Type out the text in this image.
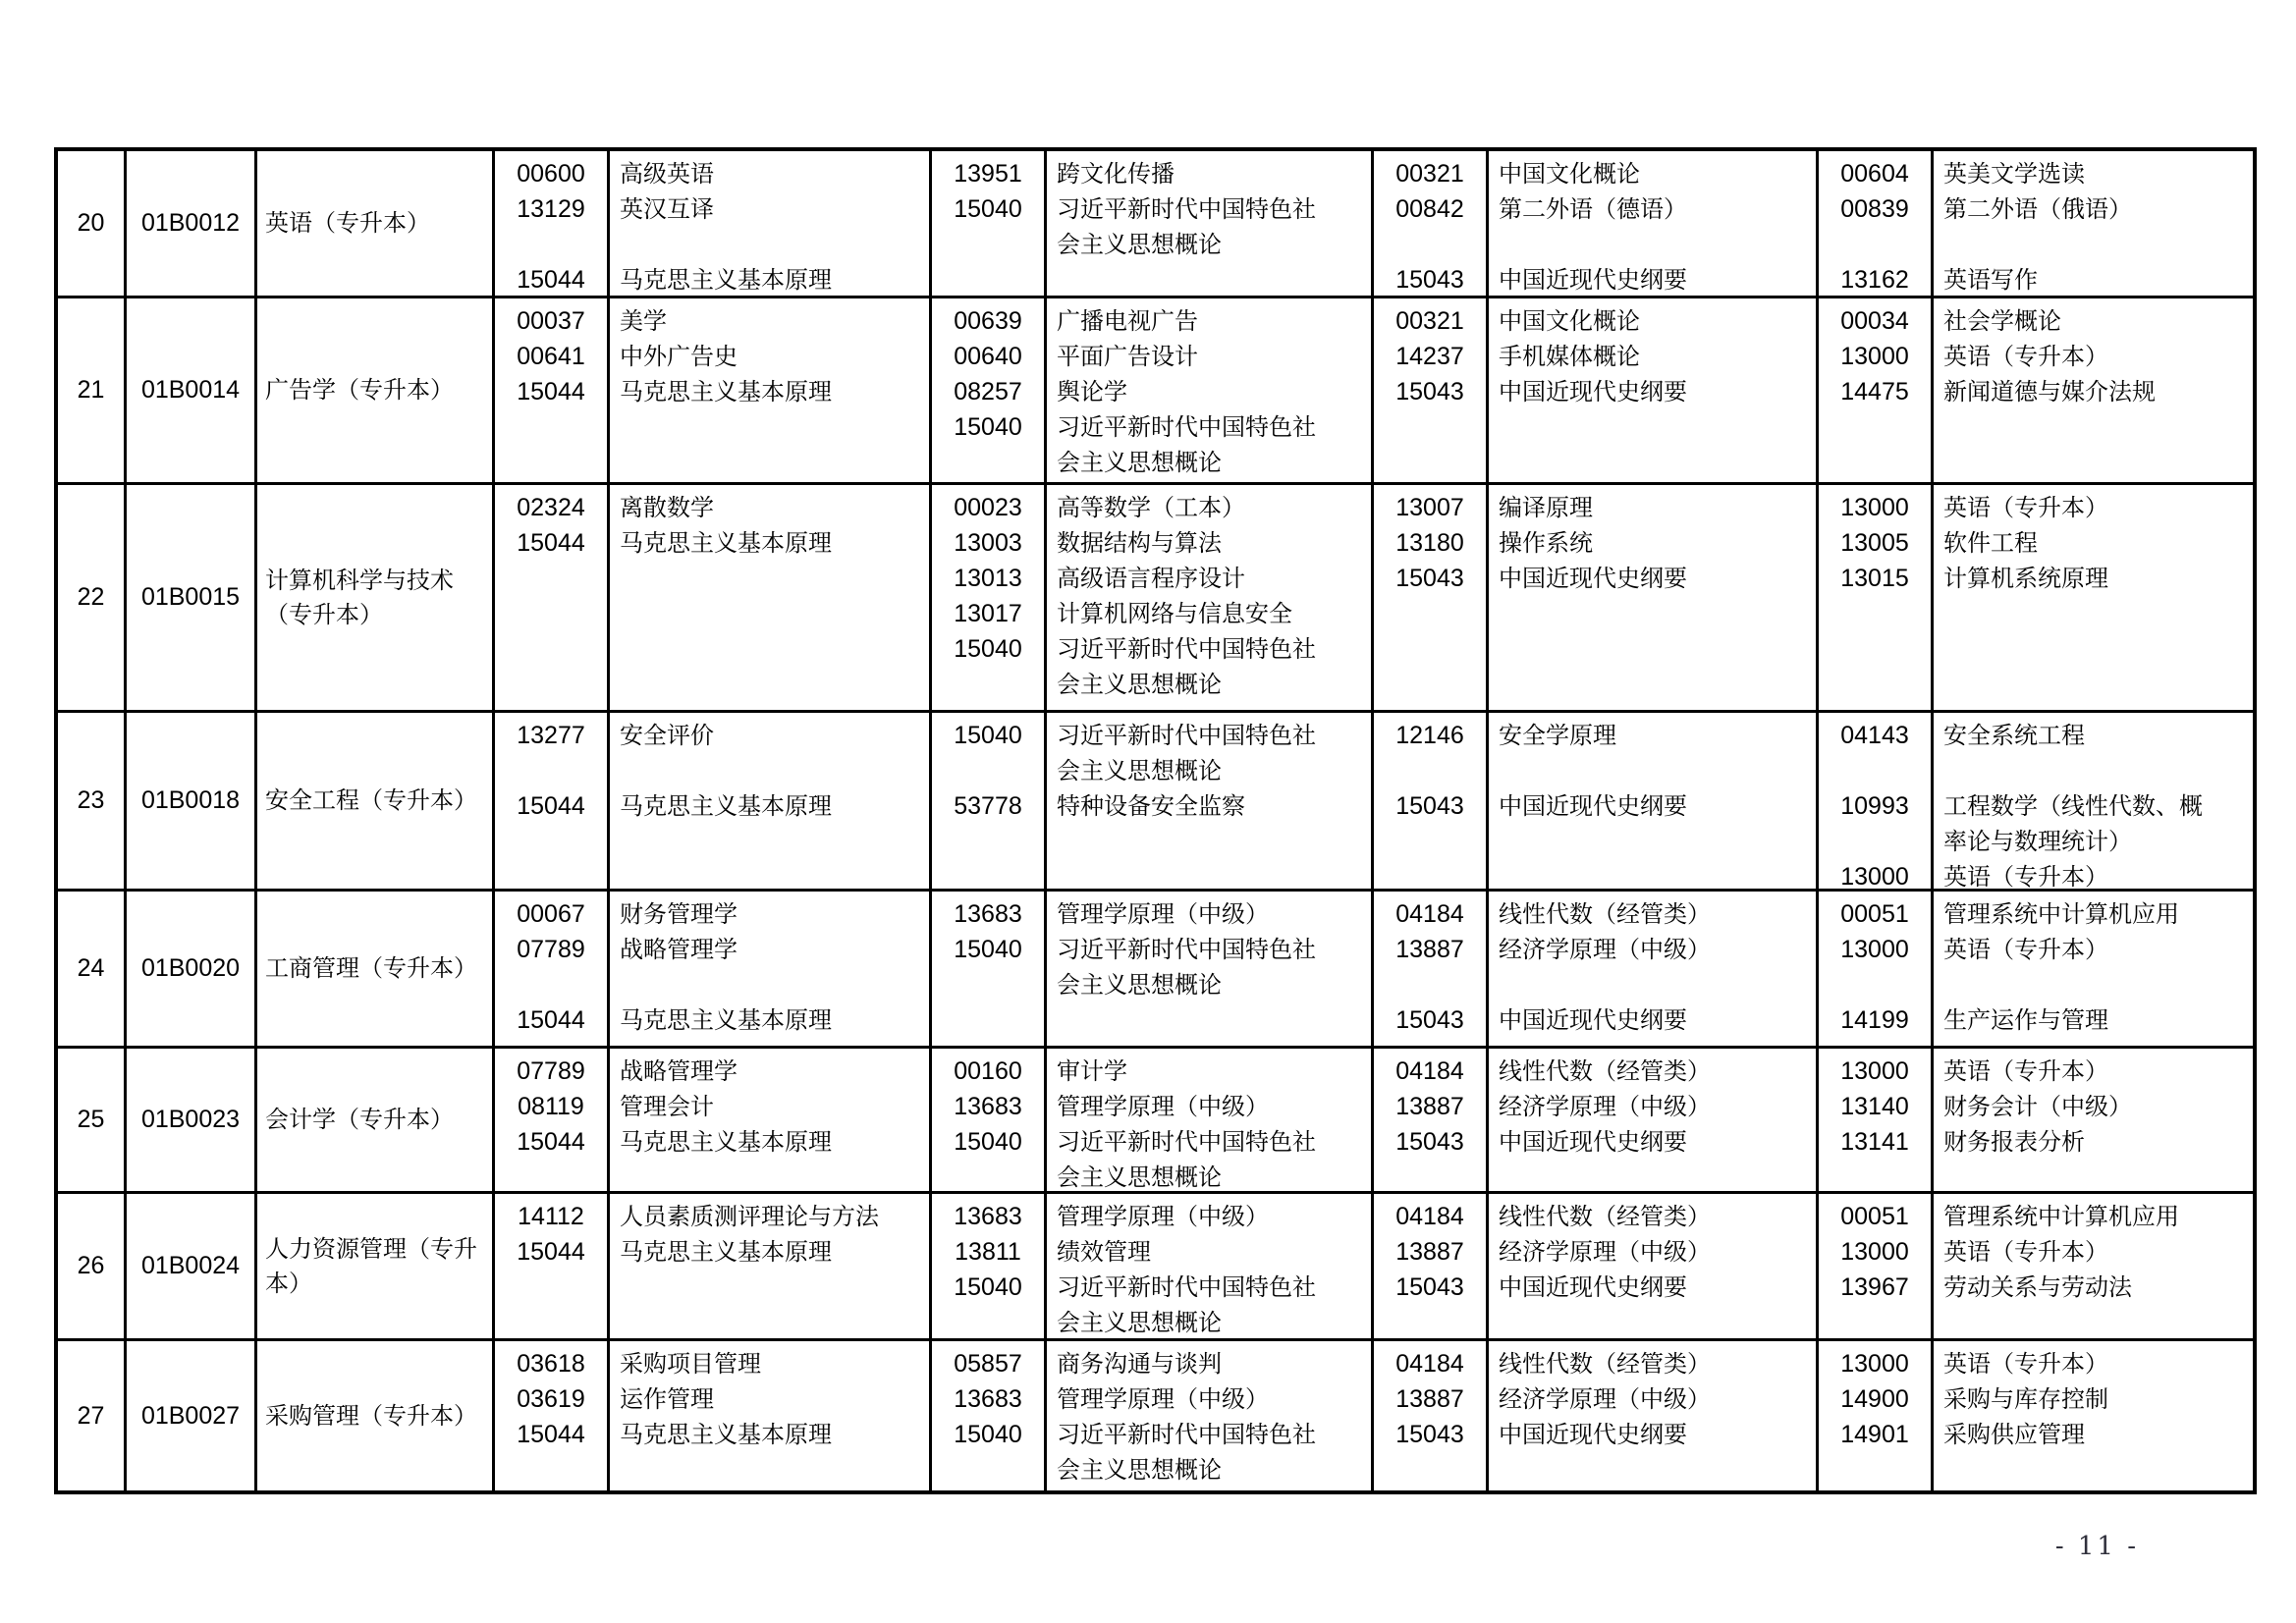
20 01B0012 英语（专升本）
00600
13129
15044
高级英语
英汉互译
马克思主义基本原理
13951
15040
跨文化传播
习近平新时代中国特色社
会主义思想概论
00321
00842
15043
中国文化概论
第二外语（德语）
中国近现代史纲要
00604
00839
13162
英美文学选读
第二外语（俄语）
英语写作
21 01B0014 广告学（专升本）
00037
00641
15044
美学
中外广告史
马克思主义基本原理
00639
00640
08257
15040
广播电视广告
平面广告设计
舆论学
习近平新时代中国特色社
会主义思想概论
00321
14237
15043
中国文化概论
手机媒体概论
中国近现代史纲要
00034
13000
14475
社会学概论
英语（专升本）
新闻道德与媒介法规
22 01B0015
计算机科学与技术（专升本）
02324
15044
离散数学
马克思主义基本原理
00023
13003
13013
13017
15040
高等数学（工本）
数据结构与算法
高级语言程序设计
计算机网络与信息安全
习近平新时代中国特色社
会主义思想概论
13007
13180
15043
编译原理
操作系统
中国近现代史纲要
13000
13005
13015
英语（专升本）
软件工程
计算机系统原理
23 01B0018 安全工程（专升本）
13277
15044
安全评价
马克思主义基本原理
15040
53778
习近平新时代中国特色社
会主义思想概论
特种设备安全监察
12146
15043
安全学原理
中国近现代史纲要
04143
10993
13000
安全系统工程
工程数学（线性代数、概
率论与数理统计）
英语（专升本）
24 01B0020 工商管理（专升本）
00067
07789
15044
财务管理学
战略管理学
马克思主义基本原理
13683
15040
管理学原理（中级）
习近平新时代中国特色社
会主义思想概论
04184
13887
15043
线性代数（经管类）
经济学原理（中级）
中国近现代史纲要
00051
13000
14199
管理系统中计算机应用
英语（专升本）
生产运作与管理
25 01B0023 会计学（专升本）
07789
08119
15044
战略管理学
管理会计
马克思主义基本原理
00160
13683
15040
审计学
管理学原理（中级）
习近平新时代中国特色社
会主义思想概论
04184
13887
15043
线性代数（经管类）
经济学原理（中级）
中国近现代史纲要
13000
13140
13141
英语（专升本）
财务会计（中级）
财务报表分析
26 01B0024
人力资源管理（专升本）
14112
15044
人员素质测评理论与方法
马克思主义基本原理
13683
13811
15040
管理学原理（中级）
绩效管理
习近平新时代中国特色社
会主义思想概论
04184
13887
15043
线性代数（经管类）
经济学原理（中级）
中国近现代史纲要
00051
13000
13967
管理系统中计算机应用
英语（专升本）
劳动关系与劳动法
27 01B0027 采购管理（专升本）
03618
03619
15044
采购项目管理
运作管理
马克思主义基本原理
05857
13683
15040
商务沟通与谈判
管理学原理（中级）
习近平新时代中国特色社
会主义思想概论
04184
13887
15043
线性代数（经管类）
经济学原理（中级）
中国近现代史纲要
13000
14900
14901
英语（专升本）
采购与库存控制
采购供应管理
- 11 -
